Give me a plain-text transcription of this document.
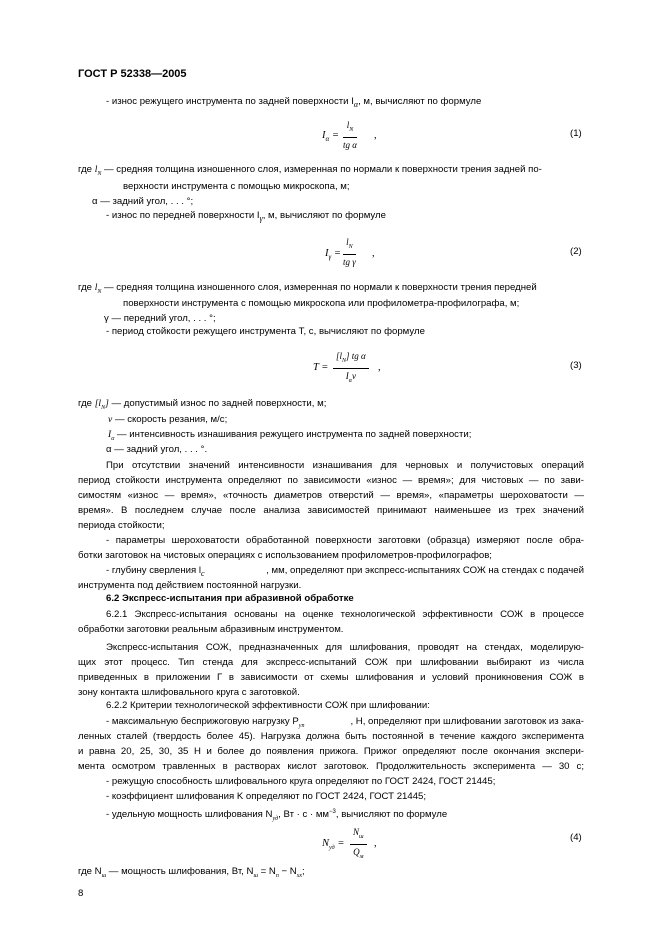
ГОСТ Р 52338—2005
- износ режущего инструмента по задней поверхности $I_\alpha$, м, вычисляют по формуле
$I_\alpha = \frac{l_N}{\text{tg α}}$ ,	(1)
где $l_N$ — средняя толщина изношенного слоя, измеренная по нормали к поверхности трения задней по-
верхности инструмента с помощью микроскопа, м;
α — задний угол, . . . °;
- износ по передней поверхности $I_\gamma$, м, вычисляют по формуле
$I_\gamma = \frac{l_N}{\text{tg γ}}$ ,	(2)
где $l_N$ — средняя толщина изношенного слоя, измеренная по нормали к поверхности трения передней
поверхности инструмента с помощью микроскопа или профилометра-профилографа, м;
γ — передний угол, . . . °;
- период стойкости режущего инструмента T, с, вычисляют по формуле
T =
$[l_N]$ tg α
$I_\alpha v$
,	(3)
где $[l_N]$ — допустимый износ по задней поверхности, м;
v — скорость резания, м/с;
$I_\alpha$ — интенсивность изнашивания режущего инструмента по задней поверхности;
α — задний угол, . . . °.
При отсутствии значений интенсивности изнашивания для черновых и получистовых операций
период стойкости инструмента определяют по зависимости «износ — время»; для чистовых — по зави-
симостям «износ — время», «точность диаметров отверстий — время», «параметры шероховатости —
время». В последнем случае после анализа зависимостей принимают наименьшее из трех значений
периода стойкости;
- параметры шероховатости обработанной поверхности заготовки (образца) измеряют после обра-
ботки заготовок на чистовых операциях с использованием профилометров-профилографов;
- глубину сверления $l_c$	, мм, определяют при экспресс-испытаниях СОЖ на стендах с подачей
инструмента под действием постоянной нагрузки.
6.2 Экспресс-испытания при абразивной обработке
6.2.1 Экспресс-испытания основаны на оценке технологической эффективности СОЖ в процессе
обработки заготовки реальным абразивным инструментом.
Экспресс-испытания СОЖ, предназначенных для шлифования, проводят на стендах, моделирую-
щих этот процесс. Тип стенда для экспресс-испытаний СОЖ при шлифовании выбирают из числа
приведенных в приложении Г в зависимости от схемы шлифования и условий проникновения СОЖ в
зону контакта шлифовального круга с заготовкой.
6.2.2 Критерии технологической эффективности СОЖ при шлифовании:
- максимальную бесприжоговую нагрузку $P_{уп}$	, Н, определяют при шлифовании заготовок из зака-
ленных сталей (твердость более 45). Нагрузка должна быть постоянной в течение каждого эксперимента
и равна 20, 25, 30, 35 Н и более до появления прижога. Прижог определяют после окончания экспери-
мента осмотром травленных в растворах кислот заготовок. Продолжительность эксперимента — 30 с;
- режущую способность шлифовального круга определяют по ГОСТ 2424, ГОСТ 21445;
- коэффициент шлифования K определяют по ГОСТ 2424, ГОСТ 21445;
- удельную мощность шлифования $N_{уд}$, Вт · $с \cdot мм^{-3}$, вычисляют по формуле
$N_{уд}$ =
$N_ш$
$Q_м$
,
(4)
где $N_ш$ — мощность шлифования, Вт, $N_ш = N_п - N_{хх}$;
8
